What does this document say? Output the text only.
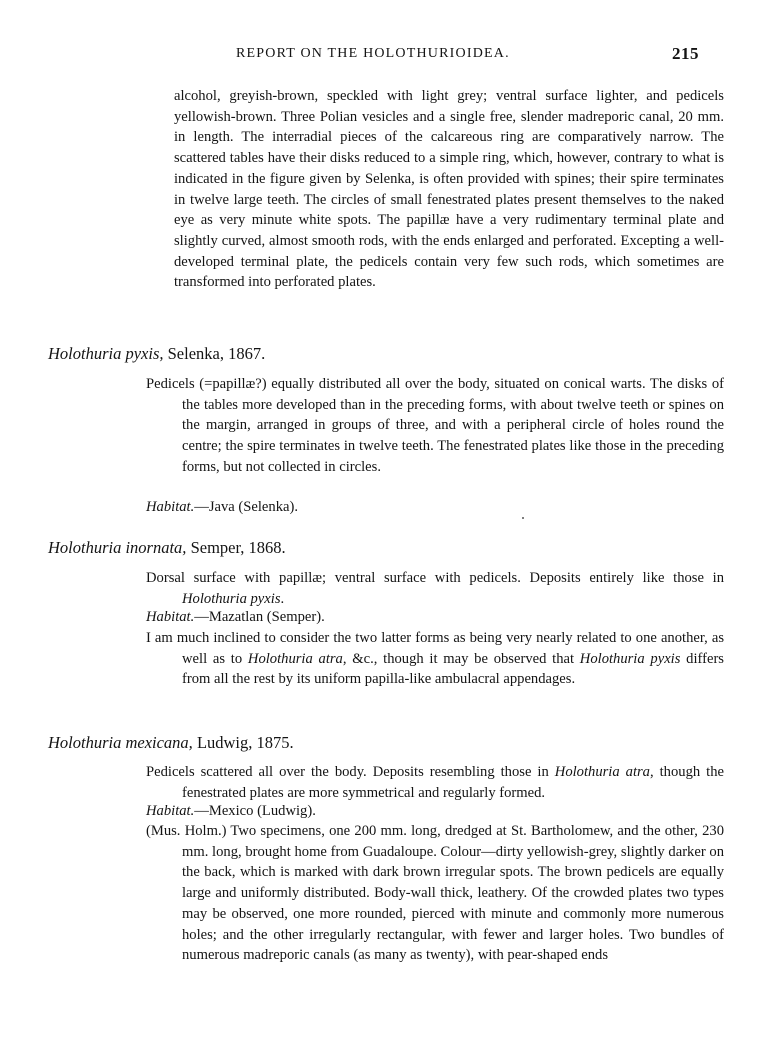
REPORT ON THE HOLOTHURIOIDEA.	215

alcohol, greyish-brown, speckled with light grey; ventral surface lighter, and pedicels yellowish-brown. Three Polian vesicles and a single free, slender madreporic canal, 20 mm. in length. The interradial pieces of the calcareous ring are comparatively narrow. The scattered tables have their disks reduced to a simple ring, which, however, contrary to what is indicated in the figure given by Selenka, is often provided with spines; their spire terminates in twelve large teeth. The circles of small fenestrated plates present themselves to the naked eye as very minute white spots. The papillæ have a very rudimentary terminal plate and slightly curved, almost smooth rods, with the ends enlarged and perforated. Excepting a well-developed terminal plate, the pedicels contain very few such rods, which sometimes are transformed into perforated plates.

Holothuria pyxis, Selenka, 1867.

Pedicels (=papillæ?) equally distributed all over the body, situated on conical warts. The disks of the tables more developed than in the preceding forms, with about twelve teeth or spines on the margin, arranged in groups of three, and with a peripheral circle of holes round the centre; the spire terminates in twelve teeth. The fenestrated plates like those in the preceding forms, but not collected in circles.

Habitat.—Java (Selenka).

Holothuria inornata, Semper, 1868.

Dorsal surface with papillæ; ventral surface with pedicels. Deposits entirely like those in Holothuria pyxis.

Habitat.—Mazatlan (Semper).

I am much inclined to consider the two latter forms as being very nearly related to one another, as well as to Holothuria atra, &c., though it may be observed that Holothuria pyxis differs from all the rest by its uniform papilla-like ambulacral appendages.

Holothuria mexicana, Ludwig, 1875.

Pedicels scattered all over the body. Deposits resembling those in Holothuria atra, though the fenestrated plates are more symmetrical and regularly formed.

Habitat.—Mexico (Ludwig).

(Mus. Holm.) Two specimens, one 200 mm. long, dredged at St. Bartholomew, and the other, 230 mm. long, brought home from Guadaloupe. Colour—dirty yellowish-grey, slightly darker on the back, which is marked with dark brown irregular spots. The brown pedicels are equally large and uniformly distributed. Body-wall thick, leathery. Of the crowded plates two types may be observed, one more rounded, pierced with minute and commonly more numerous holes; and the other irregularly rectangular, with fewer and larger holes. Two bundles of numerous madreporic canals (as many as twenty), with pear-shaped ends
